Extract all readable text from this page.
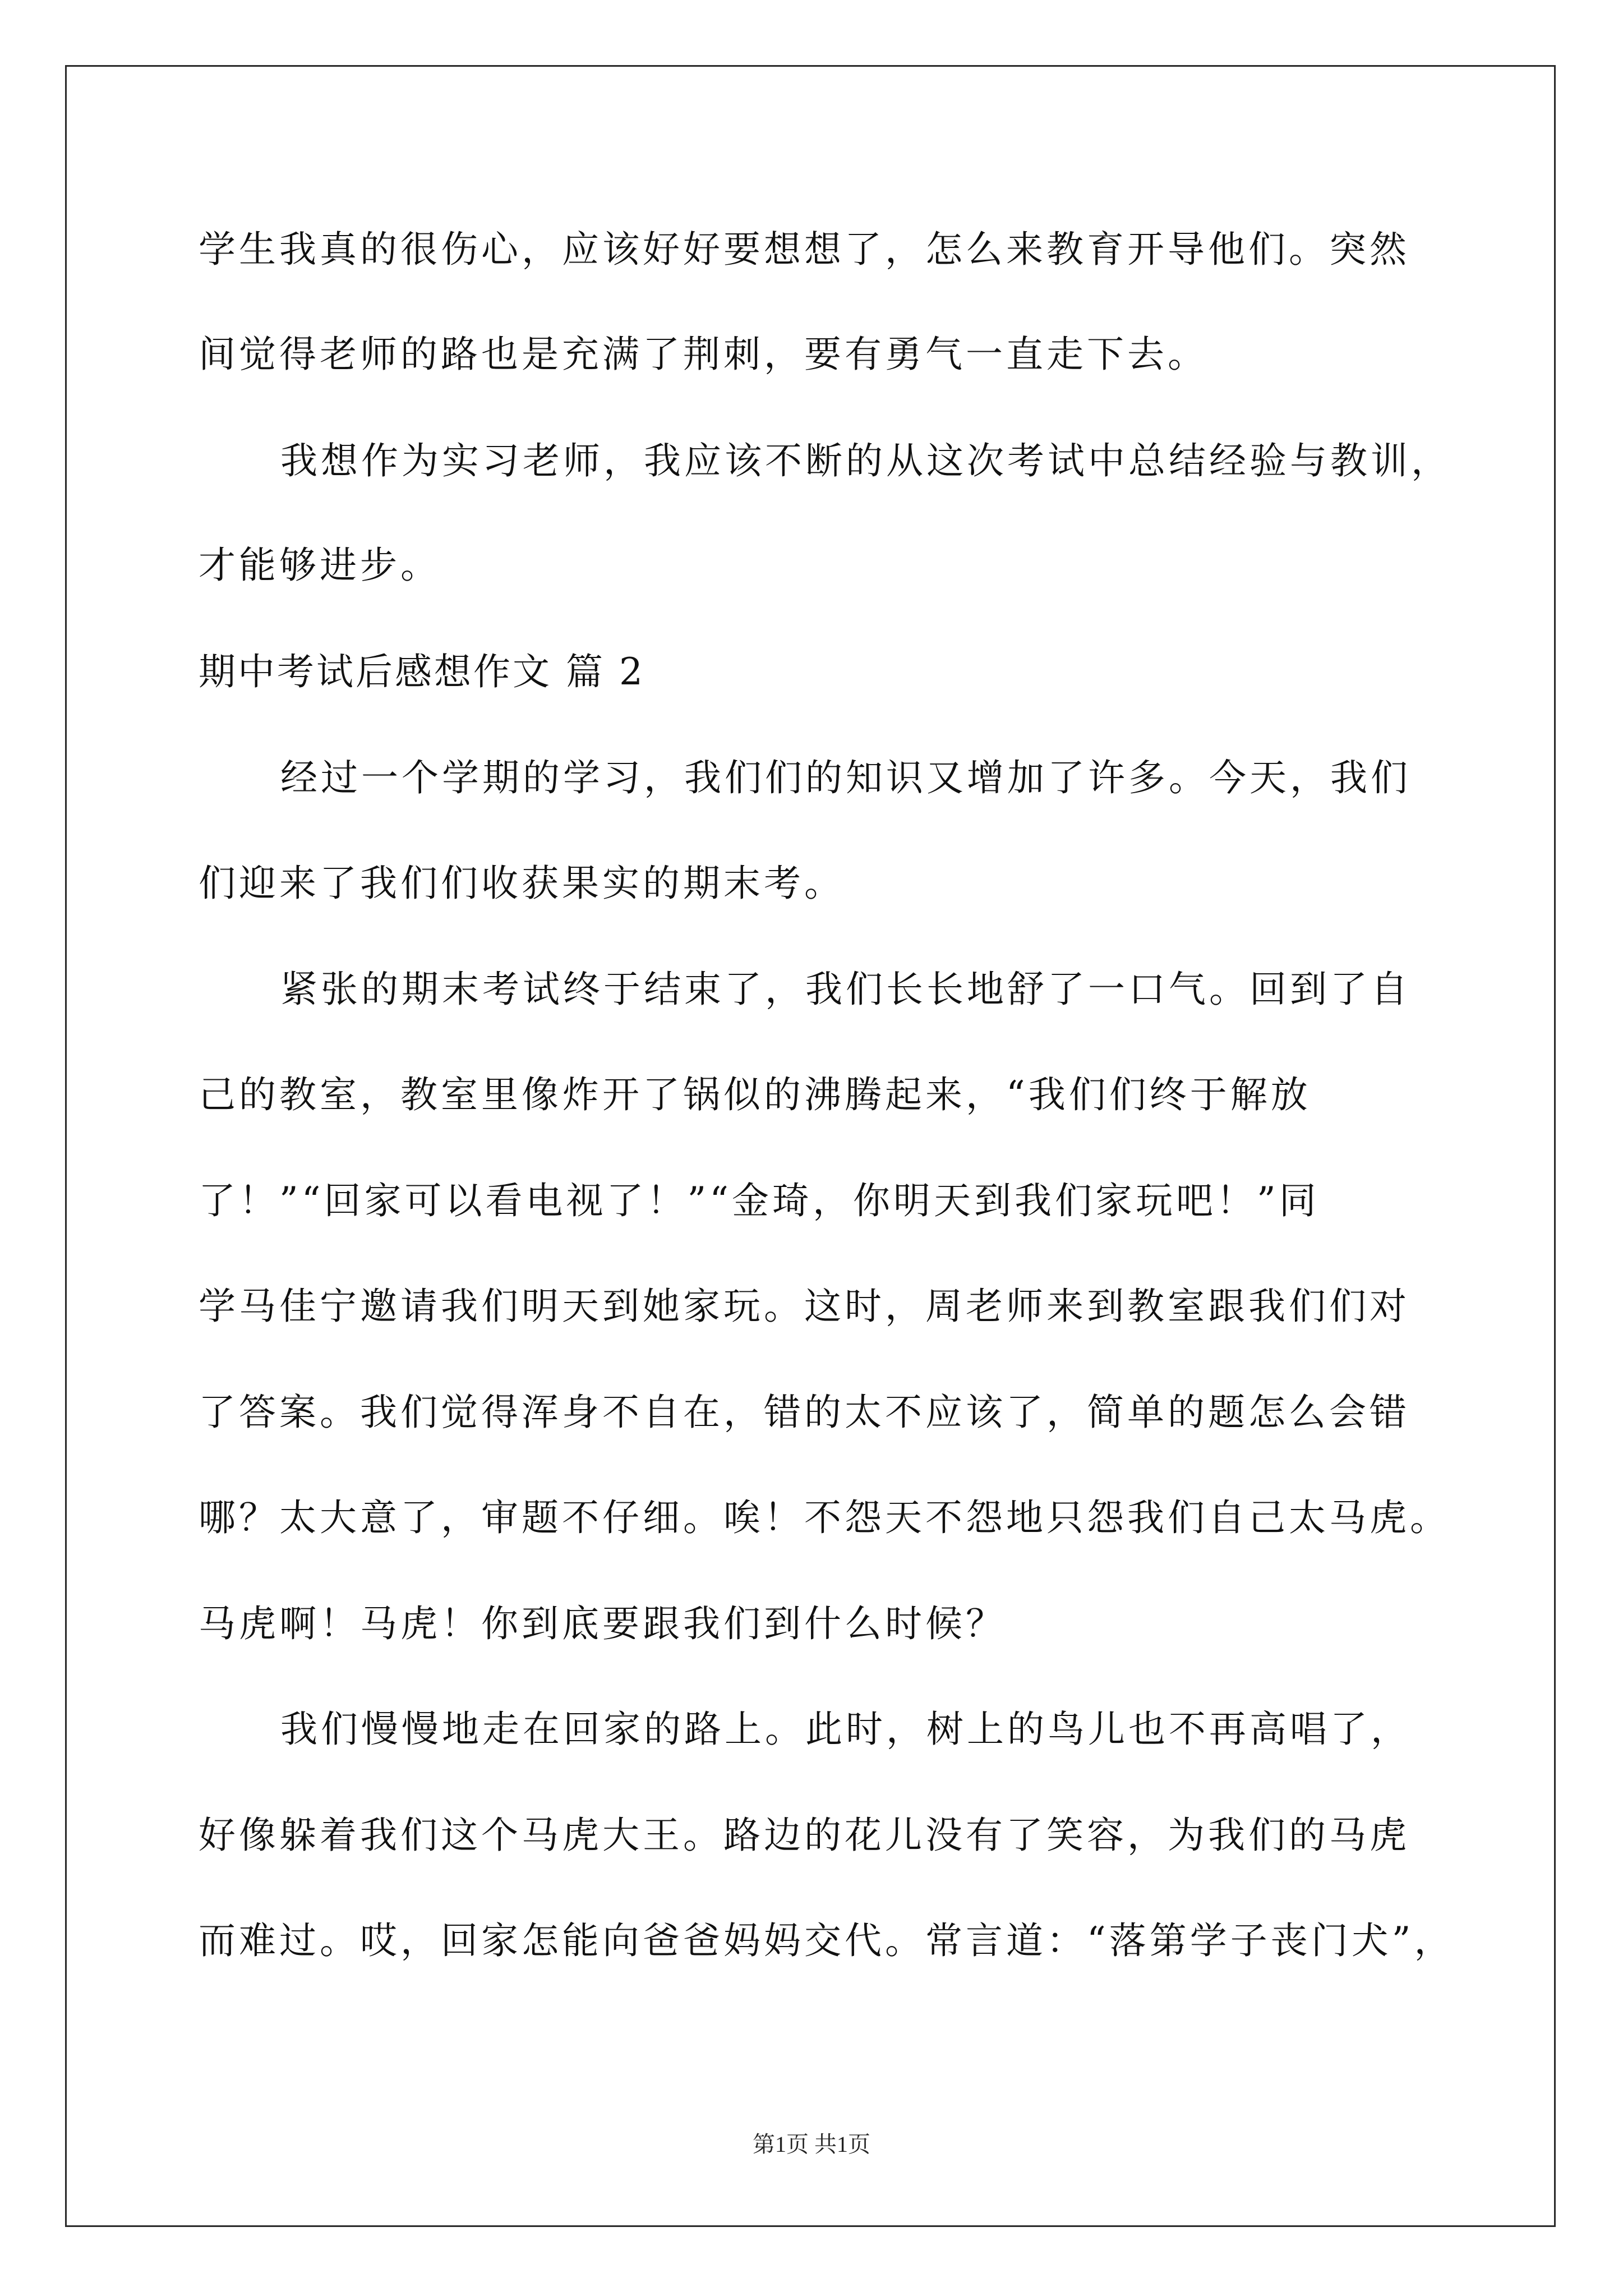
学生我真的很伤心，应该好好要想想了，怎么来教育开导他们。突然
间觉得老师的路也是充满了荆刺，要有勇气一直走下去。
我想作为实习老师，我应该不断的从这次考试中总结经验与教训，
才能够进步。
期中考试后感想作文 篇 2
经过一个学期的学习，我们们的知识又增加了许多。今天，我们
们迎来了我们们收获果实的期末考。
紧张的期末考试终于结束了，我们长长地舒了一口气。回到了自
己的教室，教室里像炸开了锅似的沸腾起来，“我们们终于解放
了！”“回家可以看电视了！”“金琦，你明天到我们家玩吧！”同
学马佳宁邀请我们明天到她家玩。这时，周老师来到教室跟我们们对
了答案。我们觉得浑身不自在，错的太不应该了，简单的题怎么会错
哪？太大意了，审题不仔细。唉！不怨天不怨地只怨我们自己太马虎。
马虎啊！马虎！你到底要跟我们到什么时候？
我们慢慢地走在回家的路上。此时，树上的鸟儿也不再高唱了，
好像躲着我们这个马虎大王。路边的花儿没有了笑容，为我们的马虎
而难过。哎，回家怎能向爸爸妈妈交代。常言道：“落第学子丧门犬”，
第1页 共1页
